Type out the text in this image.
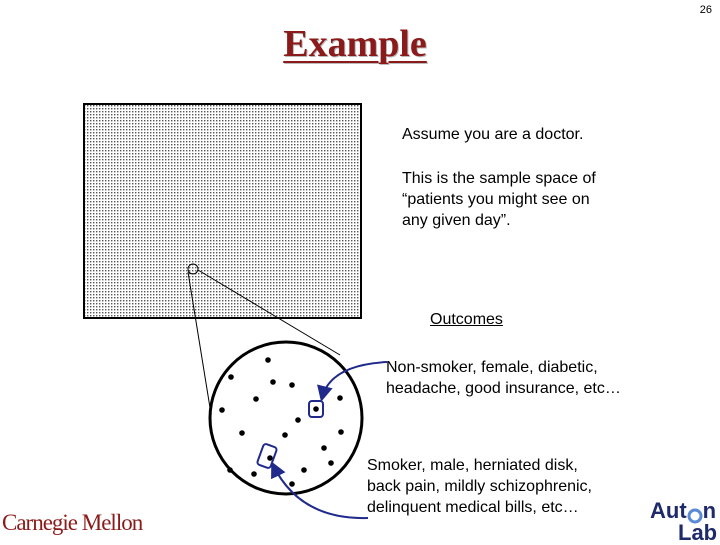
26
Example
Assume you are a doctor.
This is the sample space of
“patients you might see on
any given day”.
Outcomes
Non-smoker, female, diabetic,
headache, good insurance, etc…
Smoker, male, herniated disk,
back pain, mildly schizophrenic,
delinquent medical bills, etc…
Carnegie Mellon	Aut n
Lab
